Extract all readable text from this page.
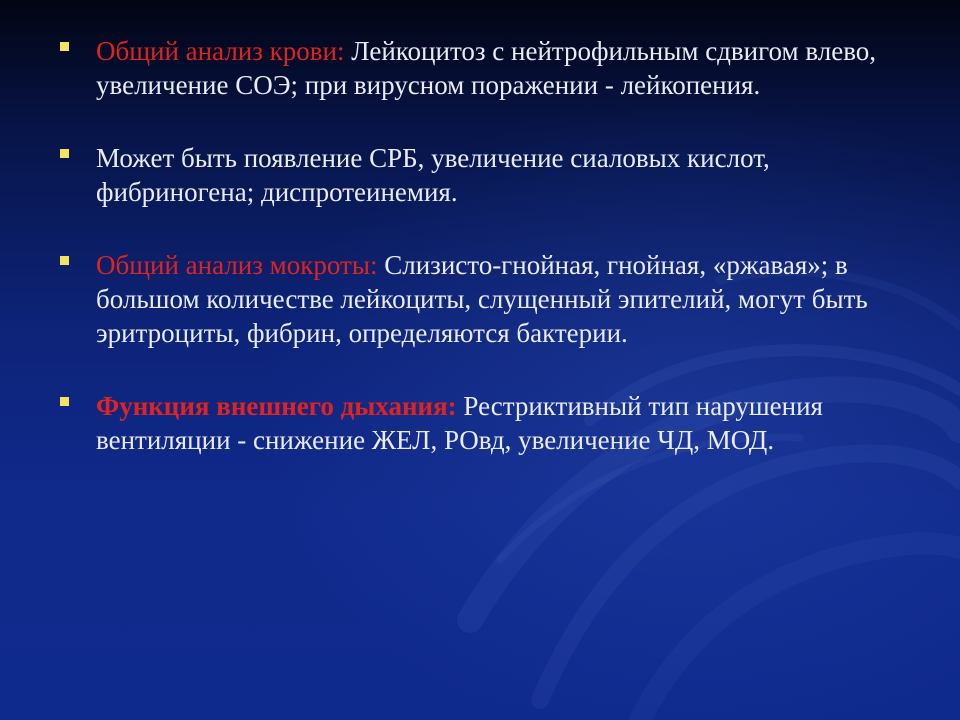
Общий анализ крови: Лейкоцитоз с нейтрофильным сдвигом влево, увеличение СОЭ; при вирусном поражении - лейкопения.
Может быть появление СРБ, увеличение сиаловых кислот, фибриногена; диспротеинемия.
Общий анализ мокроты: Слизисто-гнойная, гнойная, «ржавая»; в большом количестве лейкоциты, слущенный эпителий, могут быть эритроциты, фибрин, определяются бактерии.
Функция внешнего дыхания: Рестриктивный тип нарушения вентиляции - снижение ЖЕЛ, РОвд, увеличение ЧД, МОД.
